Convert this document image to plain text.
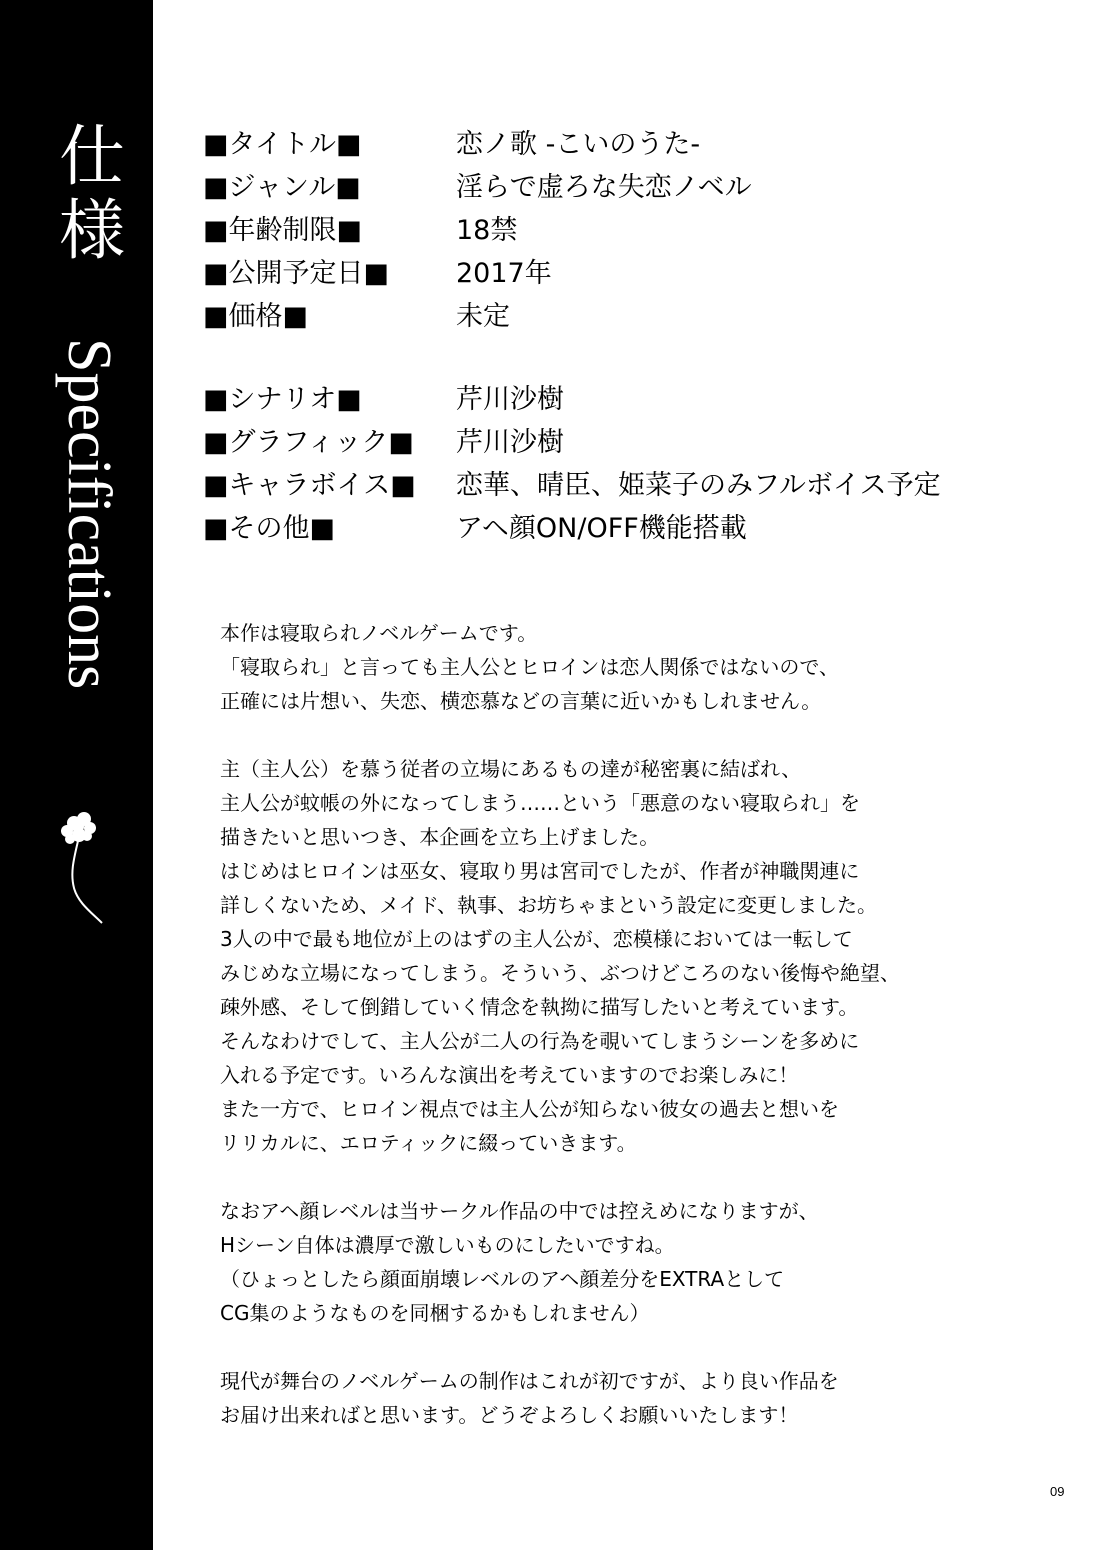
仕
様
Specifications
■タイトル■	恋ノ歌 -こいのうた-
■ジャンル■	淫らで虚ろな失恋ノベル
■年齢制限■	18禁
■公開予定日■	2017年
■価格■	未定
■シナリオ■	芹川沙樹
■グラフィック■	芹川沙樹
■キャラボイス■	恋華、晴臣、姫菜子のみフルボイス予定
■その他■	アヘ顔ON/OFF機能搭載
本作は寝取られノベルゲームです。
「寝取られ」と言っても主人公とヒロインは恋人関係ではないので、
正確には片想い、失恋、横恋慕などの言葉に近いかもしれません。
主（主人公）を慕う従者の立場にあるもの達が秘密裏に結ばれ、
主人公が蚊帳の外になってしまう……という「悪意のない寝取られ」を
描きたいと思いつき、本企画を立ち上げました。
はじめはヒロインは巫女、寝取り男は宮司でしたが、作者が神職関連に
詳しくないため、メイド、執事、お坊ちゃまという設定に変更しました。
3人の中で最も地位が上のはずの主人公が、恋模様においては一転して
みじめな立場になってしまう。そういう、ぶつけどころのない後悔や絶望、
疎外感、そして倒錯していく情念を執拗に描写したいと考えています。
そんなわけでして、主人公が二人の行為を覗いてしまうシーンを多めに
入れる予定です。いろんな演出を考えていますのでお楽しみに！
また一方で、ヒロイン視点では主人公が知らない彼女の過去と想いを
リリカルに、エロティックに綴っていきます。
なおアヘ顔レベルは当サークル作品の中では控えめになりますが、
Hシーン自体は濃厚で激しいものにしたいですね。
（ひょっとしたら顔面崩壊レベルのアヘ顔差分をEXTRAとして
CG集のようなものを同梱するかもしれません）
現代が舞台のノベルゲームの制作はこれが初ですが、より良い作品を
お届け出来ればと思います。どうぞよろしくお願いいたします！
09
